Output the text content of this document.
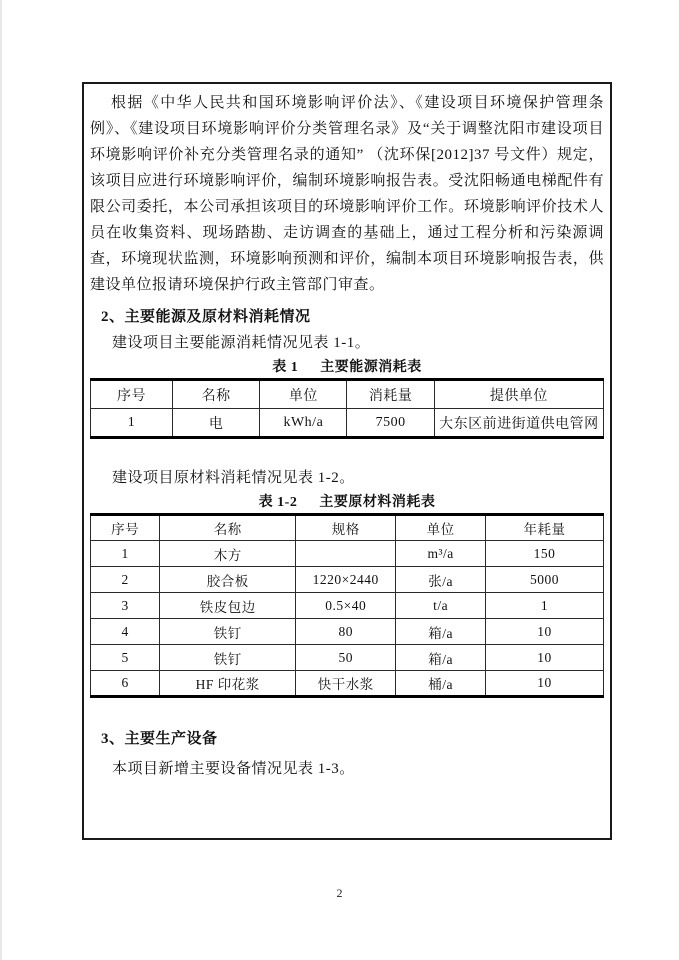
根据《中华人民共和国环境影响评价法》、《建设项目环境保护管理条例》、《建设项目环境影响评价分类管理名录》及“关于调整沈阳市建设项目环境影响评价补充分类管理名录的通知” （沈环保[2012]37 号文件）规定，该项目应进行环境影响评价，编制环境影响报告表。受沈阳畅通电梯配件有限公司委托，本公司承担该项目的环境影响评价工作。环境影响评价技术人员在收集资料、现场踏勘、走访调查的基础上，通过工程分析和污染源调查，环境现状监测，环境影响预测和评价，编制本项目环境影响报告表，供建设单位报请环境保护行政主管部门审查。

2、主要能源及原材料消耗情况

建设项目主要能源消耗情况见表 1-1。

表 1 主要能源消耗表
序号	名称	单位	消耗量	提供单位
1	电	kWh/a	7500	大东区前进街道供电管网

建设项目原材料消耗情况见表 1-2。

表 1-2 主要原材料消耗表
序号	名称	规格	单位	年耗量
1	木方		m³/a	150
2	胶合板	1220×2440	张/a	5000
3	铁皮包边	0.5×40	t/a	1
4	铁钉	80	箱/a	10
5	铁钉	50	箱/a	10
6	HF 印花浆	快干水浆	桶/a	10
3、主要生产设备

本项目新增主要设备情况见表 1-3。

2
